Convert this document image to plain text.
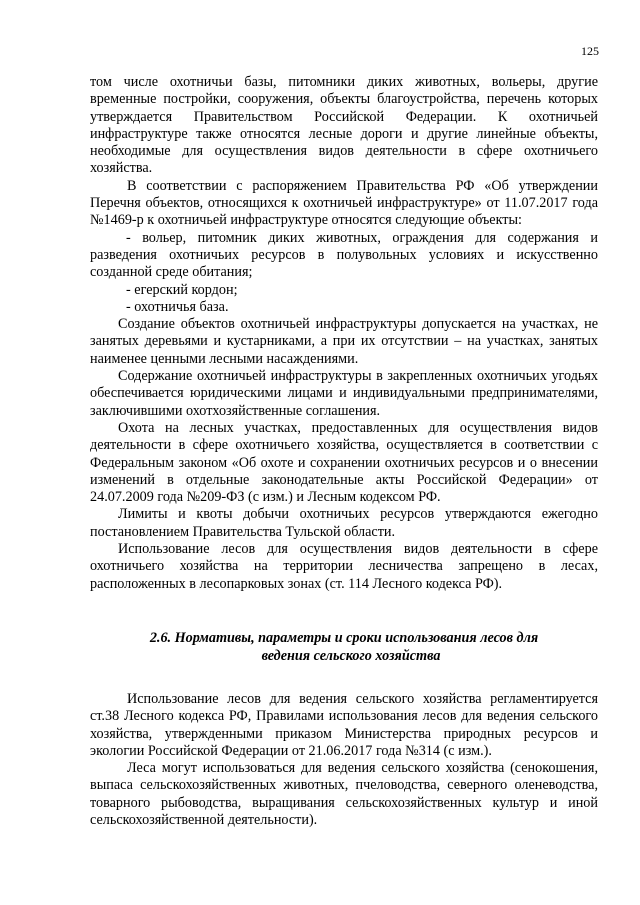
125

том числе охотничьи базы, питомники диких животных, вольеры, другие временные постройки, сооружения, объекты благоустройства, перечень которых утверждается Правительством Российской Федерации. К охотничьей инфраструктуре также относятся лесные дороги и другие линейные объекты, необходимые для осуществления видов деятельности в сфере охотничьего хозяйства.

В соответствии с распоряжением Правительства РФ «Об утверждении Перечня объектов, относящихся к охотничьей инфраструктуре» от 11.07.2017 года №1469-р к охотничьей инфраструктуре относятся следующие объекты:

- вольер, питомник диких животных, ограждения для содержания и разведения охотничьих ресурсов в полувольных условиях и искусственно созданной среде обитания;

- егерский кордон;

- охотничья база.

Создание объектов охотничьей инфраструктуры допускается на участках, не занятых деревьями и кустарниками, а при их отсутствии – на участках, занятых наименее ценными лесными насаждениями.

Содержание охотничьей инфраструктуры в закрепленных охотничьих угодьях обеспечивается юридическими лицами и индивидуальными предпринимателями, заключившими охотхозяйственные соглашения.

Охота на лесных участках, предоставленных для осуществления видов деятельности в сфере охотничьего хозяйства, осуществляется в соответствии с Федеральным законом «Об охоте и сохранении охотничьих ресурсов и о внесении изменений в отдельные законодательные акты Российской Федерации» от 24.07.2009 года №209-ФЗ (с изм.) и Лесным кодексом РФ.

Лимиты и квоты добычи охотничьих ресурсов утверждаются ежегодно постановлением Правительства Тульской области.

Использование лесов для осуществления видов деятельности в сфере охотничьего хозяйства на территории лесничества запрещено в лесах, расположенных в лесопарковых зонах (ст. 114 Лесного кодекса РФ).

2.6. Нормативы, параметры и сроки использования лесов для
ведения сельского хозяйства

Использование лесов для ведения сельского хозяйства регламентируется ст.38 Лесного кодекса РФ, Правилами использования лесов для ведения сельского хозяйства, утвержденными приказом Министерства природных ресурсов и экологии Российской Федерации от 21.06.2017 года №314 (с изм.).

Леса могут использоваться для ведения сельского хозяйства (сенокошения, выпаса сельскохозяйственных животных, пчеловодства, северного оленеводства, товарного рыбоводства, выращивания сельскохозяйственных культур и иной сельскохозяйственной деятельности).
